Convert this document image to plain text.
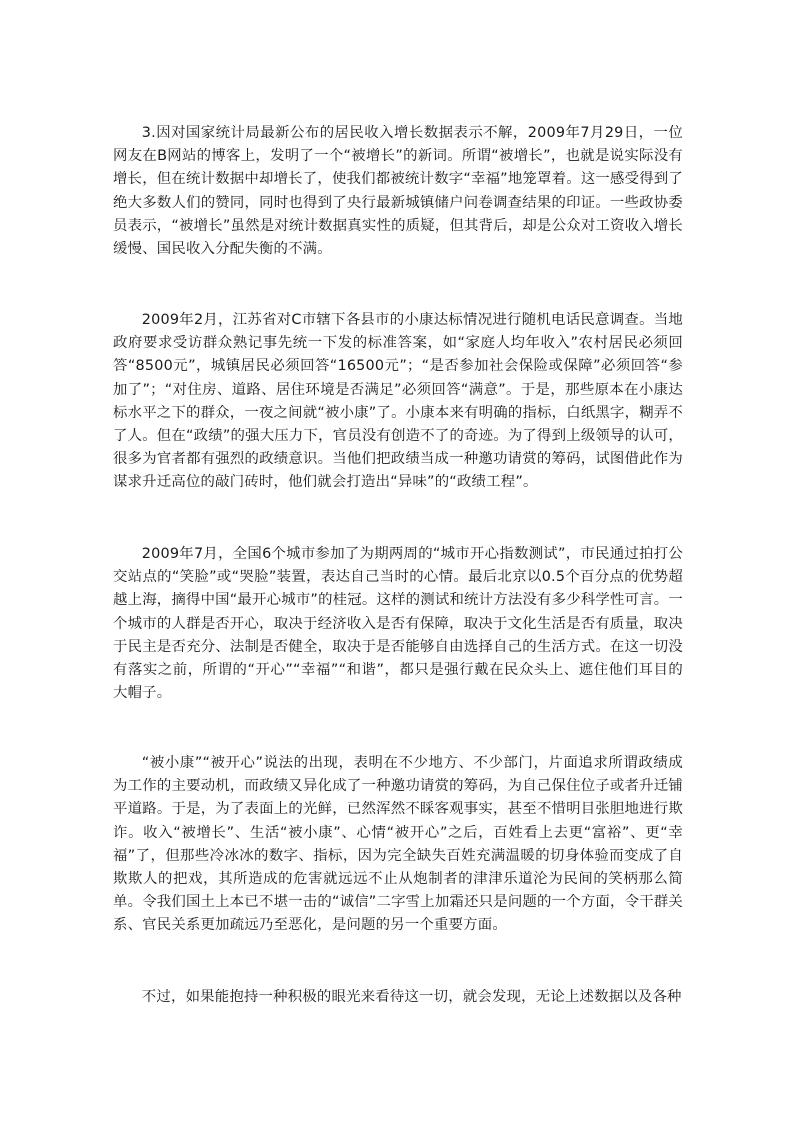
3.因对国家统计局最新公布的居民收入增长数据表示不解，2009年7月29日，一位网友在B网站的博客上，发明了一个“被增长”的新词。所谓“被增长”，也就是说实际没有增长，但在统计数据中却增长了，使我们都被统计数字“幸福”地笼罩着。这一感受得到了绝大多数人们的赞同，同时也得到了央行最新城镇储户问卷调查结果的印证。一些政协委员表示，“被增长”虽然是对统计数据真实性的质疑，但其背后，却是公众对工资收入增长缓慢、国民收入分配失衡的不满。

2009年2月，江苏省对C市辖下各县市的小康达标情况进行随机电话民意调查。当地政府要求受访群众熟记事先统一下发的标准答案，如“家庭人均年收入”农村居民必须回答“8500元”，城镇居民必须回答“16500元”；“是否参加社会保险或保障”必须回答“参加了”；“对住房、道路、居住环境是否满足”必须回答“满意”。于是，那些原本在小康达标水平之下的群众，一夜之间就“被小康”了。小康本来有明确的指标，白纸黑字，糊弄不了人。但在“政绩”的强大压力下，官员没有创造不了的奇迹。为了得到上级领导的认可，很多为官者都有强烈的政绩意识。当他们把政绩当成一种邀功请赏的筹码，试图借此作为谋求升迁高位的敲门砖时，他们就会打造出“异味”的“政绩工程”。

2009年7月，全国6个城市参加了为期两周的“城市开心指数测试”，市民通过拍打公交站点的“笑脸”或“哭脸”装置，表达自己当时的心情。最后北京以0.5个百分点的优势超越上海，摘得中国“最开心城市”的桂冠。这样的测试和统计方法没有多少科学性可言。一个城市的人群是否开心，取决于经济收入是否有保障，取决于文化生活是否有质量，取决于民主是否充分、法制是否健全，取决于是否能够自由选择自己的生活方式。在这一切没有落实之前，所谓的“开心”“幸福”“和谐”，都只是强行戴在民众头上、遮住他们耳目的大帽子。

“被小康”“被开心”说法的出现，表明在不少地方、不少部门，片面追求所谓政绩成为工作的主要动机，而政绩又异化成了一种邀功请赏的筹码，为自己保住位子或者升迁铺平道路。于是，为了表面上的光鲜，已然浑然不睬客观事实，甚至不惜明目张胆地进行欺诈。收入“被增长”、生活“被小康”、心情“被开心”之后，百姓看上去更“富裕”、更“幸福”了，但那些冷冰冰的数字、指标，因为完全缺失百姓充满温暖的切身体验而变成了自欺欺人的把戏，其所造成的危害就远远不止从炮制者的津津乐道沦为民间的笑柄那么简单。令我们国土上本已不堪一击的“诚信”二字雪上加霜还只是问题的一个方面，令干群关系、官民关系更加疏远乃至恶化，是问题的另一个重要方面。

不过，如果能抱持一种积极的眼光来看待这一切，就会发现，无论上述数据以及各种
